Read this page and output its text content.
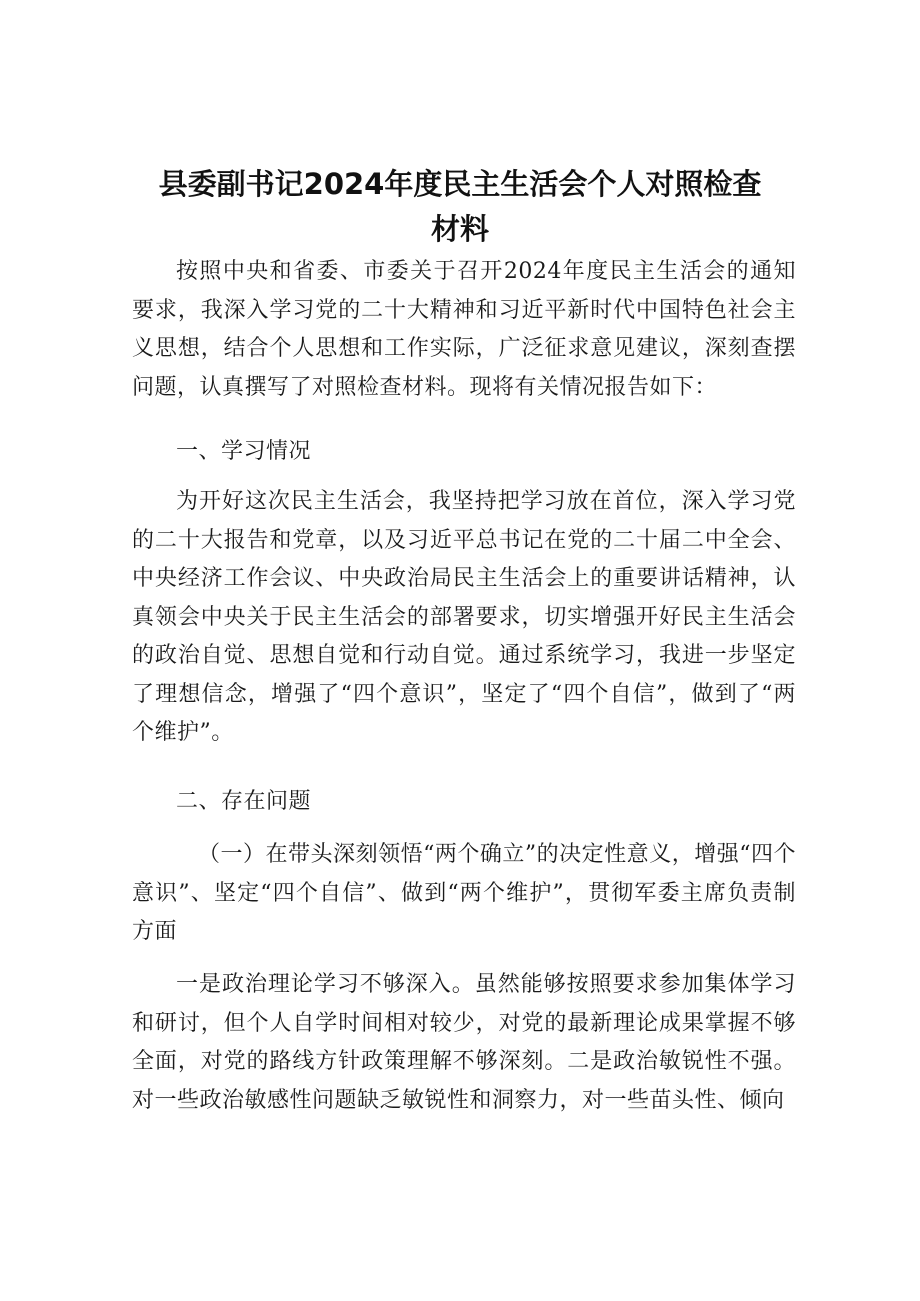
县委副书记2024年度民主生活会个人对照检查
材料

按照中央和省委、市委关于召开2024年度民主生活会的通知要求，我深入学习党的二十大精神和习近平新时代中国特色社会主义思想，结合个人思想和工作实际，广泛征求意见建议，深刻查摆问题，认真撰写了对照检查材料。现将有关情况报告如下：

一、学习情况

为开好这次民主生活会，我坚持把学习放在首位，深入学习党的二十大报告和党章，以及习近平总书记在党的二十届二中全会、中央经济工作会议、中央政治局民主生活会上的重要讲话精神，认真领会中央关于民主生活会的部署要求，切实增强开好民主生活会的政治自觉、思想自觉和行动自觉。通过系统学习，我进一步坚定了理想信念，增强了“四个意识”，坚定了“四个自信”，做到了“两个维护”。

二、存在问题

（一）在带头深刻领悟“两个确立”的决定性意义，增强“四个意识”、坚定“四个自信”、做到“两个维护”，贯彻军委主席负责制方面

一是政治理论学习不够深入。虽然能够按照要求参加集体学习和研讨，但个人自学时间相对较少，对党的最新理论成果掌握不够全面，对党的路线方针政策理解不够深刻。二是政治敏锐性不强。对一些政治敏感性问题缺乏敏锐性和洞察力，对一些苗头性、倾向
